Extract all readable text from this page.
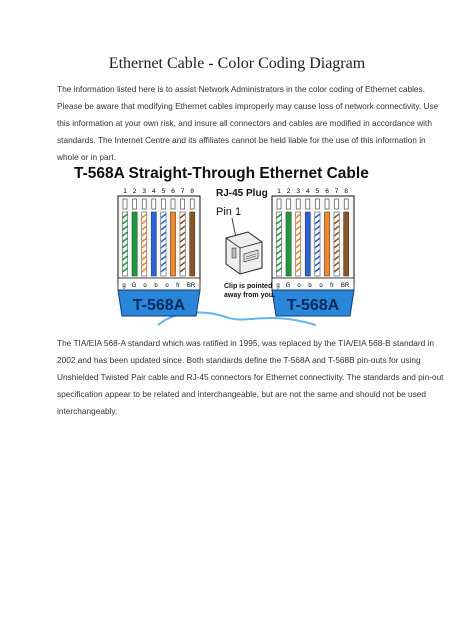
Ethernet Cable - Color Coding Diagram
The information listed here is to assist Network Administrators in the color coding of Ethernet cables.
Please be aware that modifying Ethernet cables improperly may cause loss of network connectivity. Use
this information at your own risk, and insure all connectors and cables are modified in accordance with
standards. The Internet Centre and its affiliates cannot be held liable for the use of this information in
whole or in part.
T-568A Straight-Through Ethernet Cable
1 2 3 4 5 6 7 8
g G o b o fr BR
T-568A
1 2 3 4 5 6 7 8
g G o b o fr BR
T-568A
RJ-45 Plug
Pin 1
Clip is pointed
away from you.
The TIA/EIA 568-A standard which was ratified in 1995, was replaced by the TIA/EIA 568-B standard in
2002 and has been updated since. Both standards define the T-568A and T-568B pin-outs for using
Unshielded Twisted Pair cable and RJ-45 connectors for Ethernet connectivity. The standards and pin-out
specification appear to be related and interchangeable, but are not the same and should not be used
interchangeably.
